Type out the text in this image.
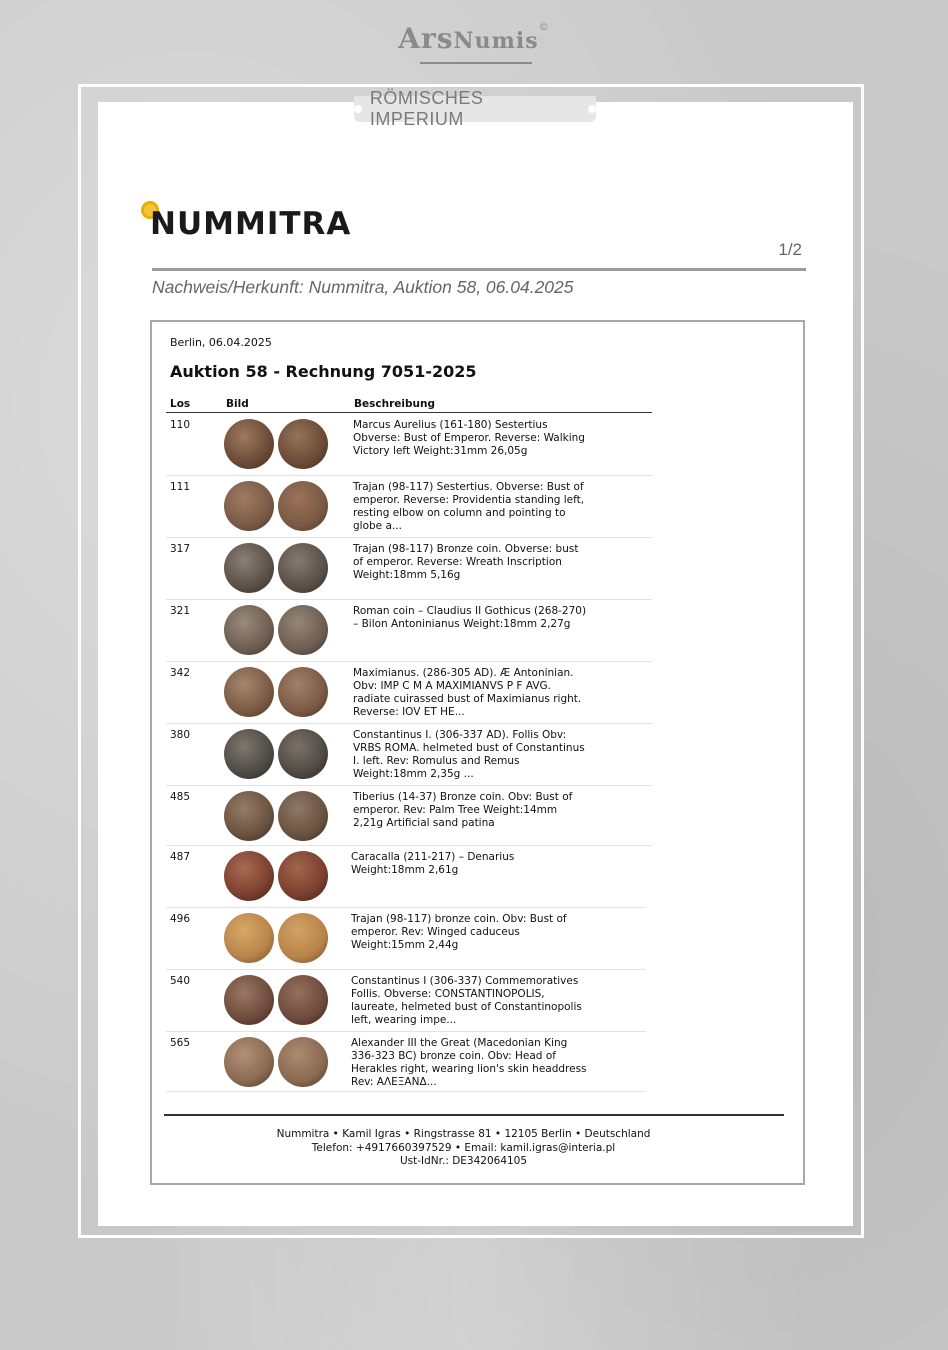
ArsNumis©
RÖMISCHES IMPERIUM
NUMMITRA
1/2
Nachweis/Herkunft: Nummitra, Auktion 58, 06.04.2025
Berlin, 06.04.2025
Auktion 58 - Rechnung 7051-2025
Los	Bild	Beschreibung
110	Marcus Aurelius (161-180) Sestertius Obverse: Bust of Emperor. Reverse: Walking Victory left Weight:31mm 26,05g
111	Trajan (98-117) Sestertius. Obverse: Bust of emperor. Reverse: Providentia standing left, resting elbow on column and pointing to globe a...
317	Trajan (98-117) Bronze coin. Obverse: bust of emperor. Reverse: Wreath Inscription Weight:18mm 5,16g
321	Roman coin – Claudius II Gothicus (268-270) – Bilon Antoninianus Weight:18mm 2,27g
342	Maximianus. (286-305 AD). Æ Antoninian. Obv: IMP C M A MAXIMIANVS P F AVG. radiate cuirassed bust of Maximianus right. Reverse: IOV ET HE...
380	Constantinus I. (306-337 AD). Follis Obv: VRBS ROMA. helmeted bust of Constantinus I. left. Rev: Romulus and Remus Weight:18mm 2,35g ...
485	Tiberius (14-37) Bronze coin. Obv: Bust of emperor. Rev: Palm Tree Weight:14mm 2,21g Artificial sand patina
487	Caracalla (211-217) – Denarius Weight:18mm 2,61g
496	Trajan (98-117) bronze coin. Obv: Bust of emperor. Rev: Winged caduceus Weight:15mm 2,44g
540	Constantinus I (306-337) Commemoratives Follis. Obverse: CONSTANTINOPOLIS, laureate, helmeted bust of Constantinopolis left, wearing impe...
565	Alexander III the Great (Macedonian King 336-323 BC) bronze coin. Obv: Head of Herakles right, wearing lion's skin headdress Rev: ΑΛΕΞΑΝΔ...
Nummitra • Kamil Igras • Ringstrasse 81 • 12105 Berlin • Deutschland
Telefon: +4917660397529 • Email: kamil.igras@interia.pl
Ust-IdNr.: DE342064105
